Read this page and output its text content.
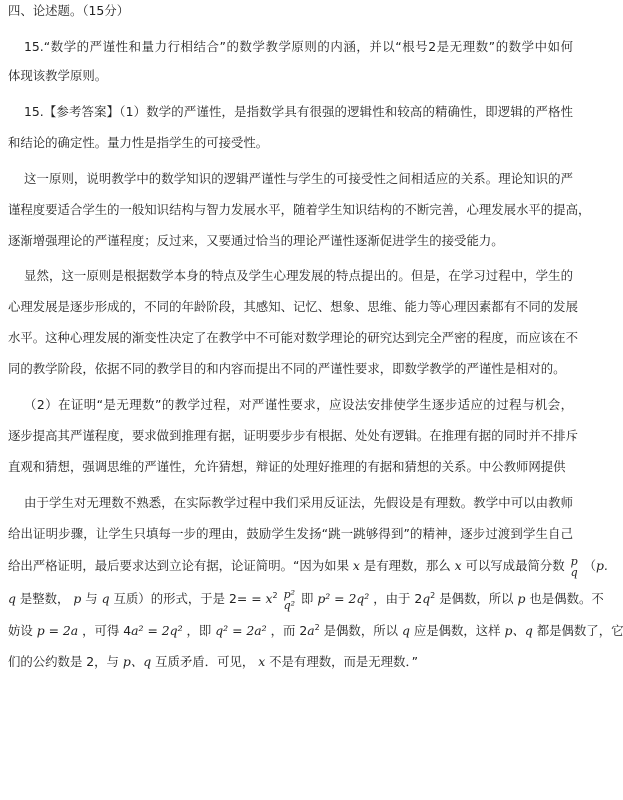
四、论述题。（15分）
15.“数学的严谨性和量力行相结合”的数学教学原则的内涵，并以“根号2是无理数”的数学中如何
体现该教学原则。
15.【参考答案】（1）数学的严谨性，是指数学具有很强的逻辑性和较高的精确性，即逻辑的严格性
和结论的确定性。量力性是指学生的可接受性。
这一原则，说明教学中的数学知识的逻辑严谨性与学生的可接受性之间相适应的关系。理论知识的严
谨程度要适合学生的一般知识结构与智力发展水平，随着学生知识结构的不断完善，心理发展水平的提高，
逐渐增强理论的严谨程度；反过来，又要通过恰当的理论严谨性逐渐促进学生的接受能力。
显然，这一原则是根据数学本身的特点及学生心理发展的特点提出的。但是，在学习过程中，学生的
心理发展是逐步形成的，不同的年龄阶段，其感知、记忆、想象、思维、能力等心理因素都有不同的发展
水平。这种心理发展的渐变性决定了在教学中不可能对数学理论的研究达到完全严密的程度，而应该在不
同的教学阶段，依据不同的教学目的和内容而提出不同的严谨性要求，即数学教学的严谨性是相对的。
（2）在证明“是无理数”的教学过程，对严谨性要求，应设法安排使学生逐步适应的过程与机会，
逐步提高其严谨程度，要求做到推理有据，证明要步步有根据、处处有逻辑。在推理有据的同时并不排斥
直观和猜想，强调思维的严谨性，允许猜想，辩证的处理好推理的有据和猜想的关系。中公教师网提供
由于学生对无理数不熟悉，在实际教学过程中我们采用反证法，先假设是有理数。教学中可以由教师
给出证明步骤，让学生只填每一步的理由，鼓励学生发扬“跳一跳够得到”的精神，逐步过渡到学生自己
给出严格证明，最后要求达到立论有据，论证简明。“因为如果 x 是有理数，那么 x 可以写成最简分数 p
q （p.
q 是整数， p 与 q 互质）的形式，于是 $2= = x^2$ p²
q² 即 p² = 2q² ，由于 $2q^2$ 是偶数，所以 p 也是偶数。不
妨设 p = 2a ，可得 4a² = 2q² ，即 q² = 2a² ，而 $2a^2$ 是偶数，所以 q 应是偶数，这样 p、q 都是偶数了，它
们的公约数是 2，与 p、q 互质矛盾．可见， x 不是有理数，而是无理数．”
